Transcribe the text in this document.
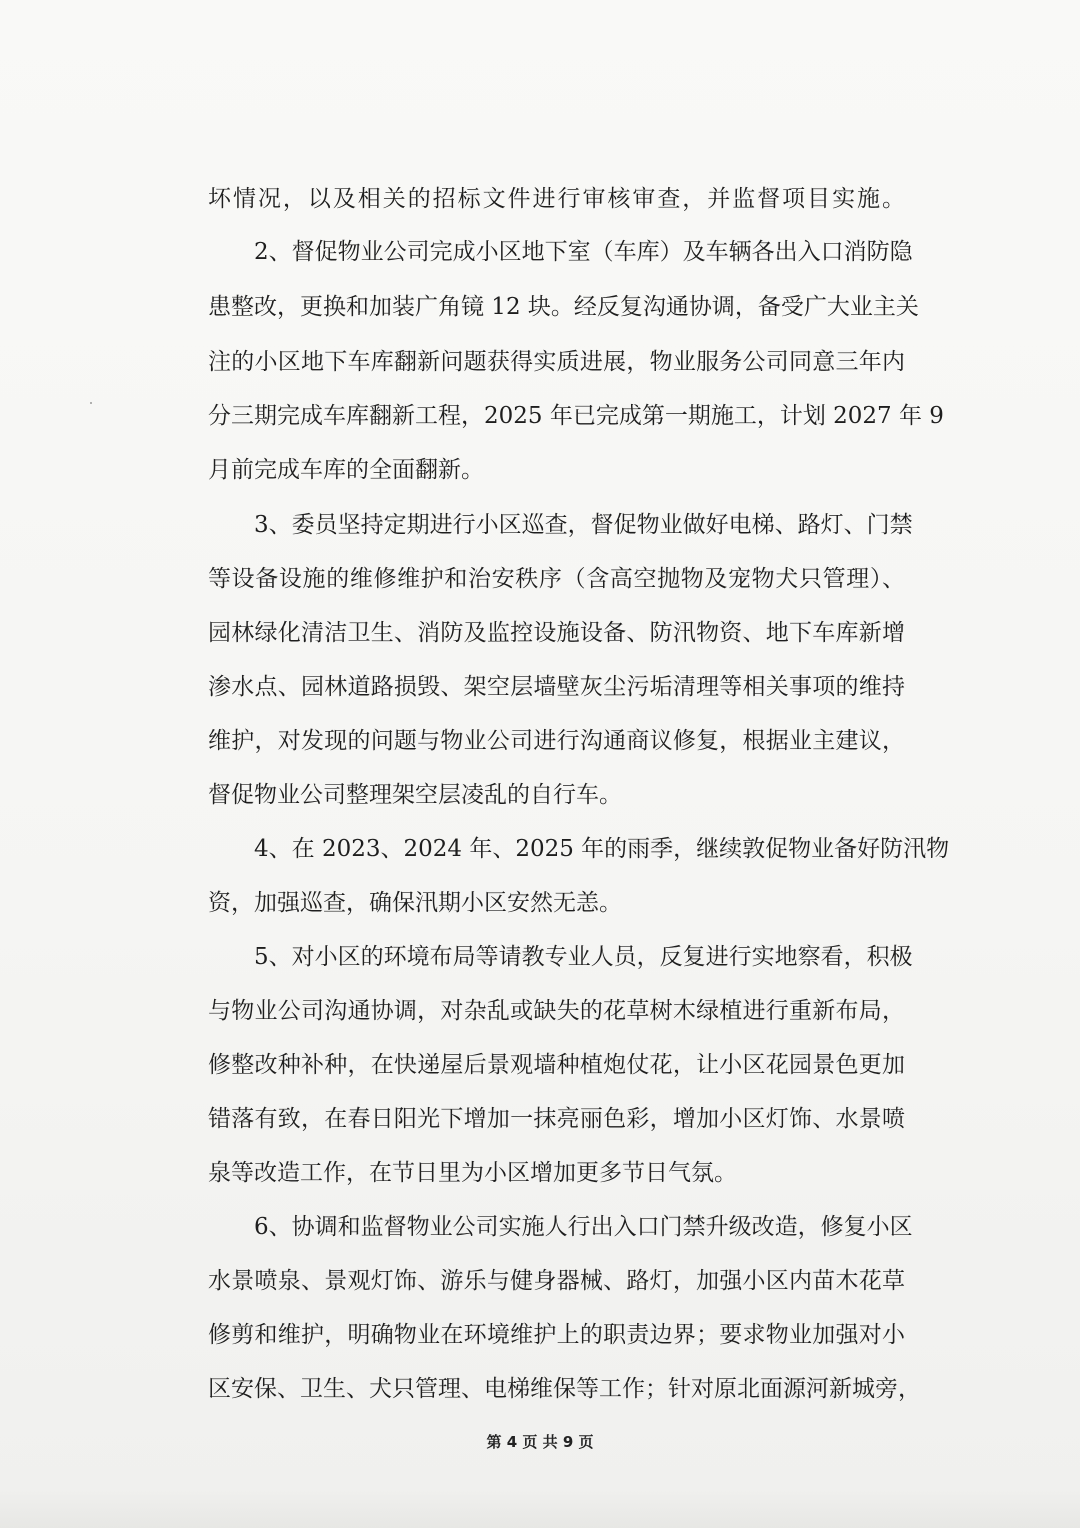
坏情况，以及相关的招标文件进行审核审查，并监督项目实施。
2、督促物业公司完成小区地下室（车库）及车辆各出入口消防隐
患整改，更换和加装广角镜 12 块。经反复沟通协调，备受广大业主关
注的小区地下车库翻新问题获得实质进展，物业服务公司同意三年内
分三期完成车库翻新工程，2025 年已完成第一期施工，计划 2027 年 9
月前完成车库的全面翻新。
3、委员坚持定期进行小区巡查，督促物业做好电梯、路灯、门禁
等设备设施的维修维护和治安秩序（含高空抛物及宠物犬只管理）、
园林绿化清洁卫生、消防及监控设施设备、防汛物资、地下车库新增
渗水点、园林道路损毁、架空层墙壁灰尘污垢清理等相关事项的维持
维护，对发现的问题与物业公司进行沟通商议修复，根据业主建议，
督促物业公司整理架空层凌乱的自行车。
4、在 2023、2024 年、2025 年的雨季，继续敦促物业备好防汛物
资，加强巡查，确保汛期小区安然无恙。
5、对小区的环境布局等请教专业人员，反复进行实地察看，积极
与物业公司沟通协调，对杂乱或缺失的花草树木绿植进行重新布局，
修整改种补种，在快递屋后景观墙种植炮仗花，让小区花园景色更加
错落有致，在春日阳光下增加一抹亮丽色彩，增加小区灯饰、水景喷
泉等改造工作，在节日里为小区增加更多节日气氛。
6、协调和监督物业公司实施人行出入口门禁升级改造，修复小区
水景喷泉、景观灯饰、游乐与健身器械、路灯，加强小区内苗木花草
修剪和维护，明确物业在环境维护上的职责边界；要求物业加强对小
区安保、卫生、犬只管理、电梯维保等工作；针对原北面源河新城旁，
第 4 页 共 9 页
